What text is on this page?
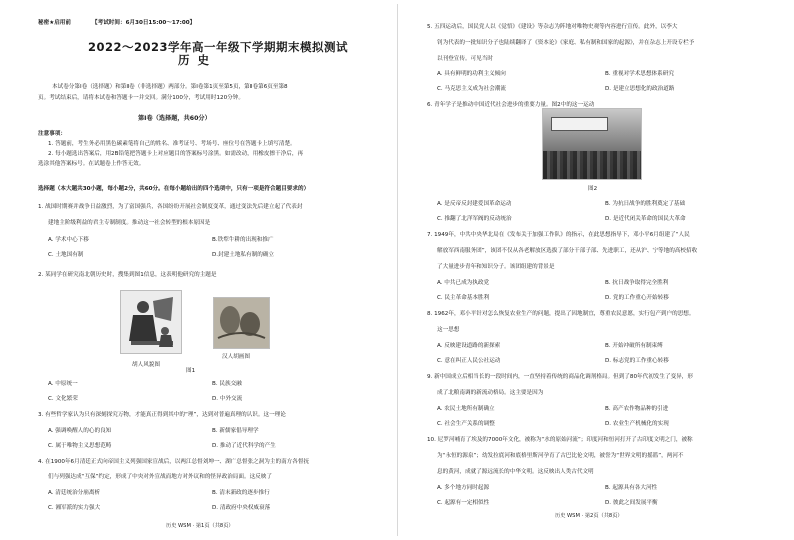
秘密★启用前	【考试时间：6月30日15:00～17:00】
2022～2023学年高一年级下学期期末模拟测试
历史
本试卷分第Ⅰ卷（选择题）和第Ⅱ卷（非选择题）两部分。第Ⅰ卷第1页至第5页，第Ⅱ卷第6页至第8
页。考试结束后，请将本试卷和答题卡一并交回。满分100分，考试用时120分钟。
第Ⅰ卷（选择题，共60分）
注意事项：
1. 答题前，考生务必用黑色碳素笔将自己的姓名、准考证号、考场号、座位号在答题卡上填写清楚。
2. 每小题选出答案后，用2B铅笔把答题卡上对应题目的答案标号涂黑。如需改动，用橡皮擦干净后，再
选涂其他答案标号。在试题卷上作答无效。
选择题（本大题共30小题，每小题2分，共60分。在每小题给出的四个选项中，只有一项是符合题目要求的）
1. 战国时期赛并战争日益激烈，为了富国强兵，各国纷纷开展社会制度变革，通过变法先后建立起了代表封
建地主阶级利益的君主专制制度。推动这一社会转型的根本原因是
A. 学术中心下移	B.铁犁牛耕的出现和推广
C. 土地国有制	D.封建土地私有制的确立
2. 某同学在研究南北朝历史时，搜集到图1信息，这表明他研究的主题是
胡人风貌图
汉人胡画图
图1
A. 中原统一	B. 民族交融
C. 文化繁荣	D. 中外交流
3. 有些哲学家认为只有深刻探究万物，才能真正得到其中的“理”，达到对普遍真理的认识。这一理论
A. 强调唤醒人的心的良知	B. 新儒家倡导理学
C. 属于唯物主义思想范畴	D. 推动了近代科学的产生
4. 在1900年6月清廷正式向帝国主义列强国家宣战后，以两江总督刘坤一、湖广总督张之洞为主的南方各督抚
们与列强达成“互保”约定，形成了中央对外宣战而地方对外议和的怪异政治局面。这反映了
A. 清廷统治分崩离析	B. 清末新政的逐步推行
C. 湘军派的实力强大	D. 清政府中央权威衰落
历史 WSM · 第1页（共8页）
5. 五四运动后，国民党人以《觉悟》《建设》等杂志为阵地对唯物史观等内容进行宣传。此外，以李大
钊为代表的一批知识分子也陆续翻译了《资本论》《家庭、私有制和国家的起源》，并在杂志上开设专栏予
以刊登宣传。可见当时
A. 具有鲜明的功利主义倾向	B. 重视对学术思想体系研究
C. 马克思主义成为社会潮流	D. 是建立思想化的政治道路
6. 青年学子是推动中国近代社会进步的重要力量。图2中的这一运动
图2
A. 是反帝反封建爱国革命运动	B. 为抗日战争的胜利奠定了基础
C. 推翻了北洋军阀的反动统治	D. 是近代闭关革命的国民大革命
7. 1949年，中共中央华北局在《发布关于加强工作队》的指示，在此思想指导下，邓小平6月组建了“人民
解放军西南服务团”，该团不仅从各老解放区选拔了部分干部子部、先进职工，还从沪、宁等地的高校招收
了大量进步青年和知识分子。该团组建的背景是
A. 中共已成为执政党	B. 抗日战争取得完全胜利
C. 民主革命基本胜利	D. 党的工作重心开始转移
8. 1962年，邓小平针对怎么恢复农业生产的问题，提出了因地制宜，尊重农民意愿，实行包产到户的思想。
这一思想
A. 反映建设道路的新探索	B. 开始冲破所有制束缚
C. 意在纠正人民公社运动	D. 标志党的工作重心转移
9. 新中国成立后相当长的一段时间内，一直坚持着传统的商品化调剂格局。但到了80年代初发生了变异，形
成了北粮南调的新流动格局。这主要是因为
A. 农民土地所有制确立	B. 高产农作物品种的引进
C. 社会生产关系的调整	D. 农业生产机械化的实现
10. 尼罗河哺育了埃及的7000年文化，被称为“水的原始河流”；印度河和恒河打开了古印度文明之门，被称
为“永恒的源泉”；幼发拉底河和底格里斯河孕育了古巴比伦文明，被誉为“世界文明的摇篮”，两河不
息的黄河，成就了源远流长的中华文明。这反映出人类古代文明
A. 多个地方同时起源	B. 起源具有各大河性
C. 起源有一定相似性	D. 彼此之间发展平衡
历史 WSM · 第2页（共8页）
